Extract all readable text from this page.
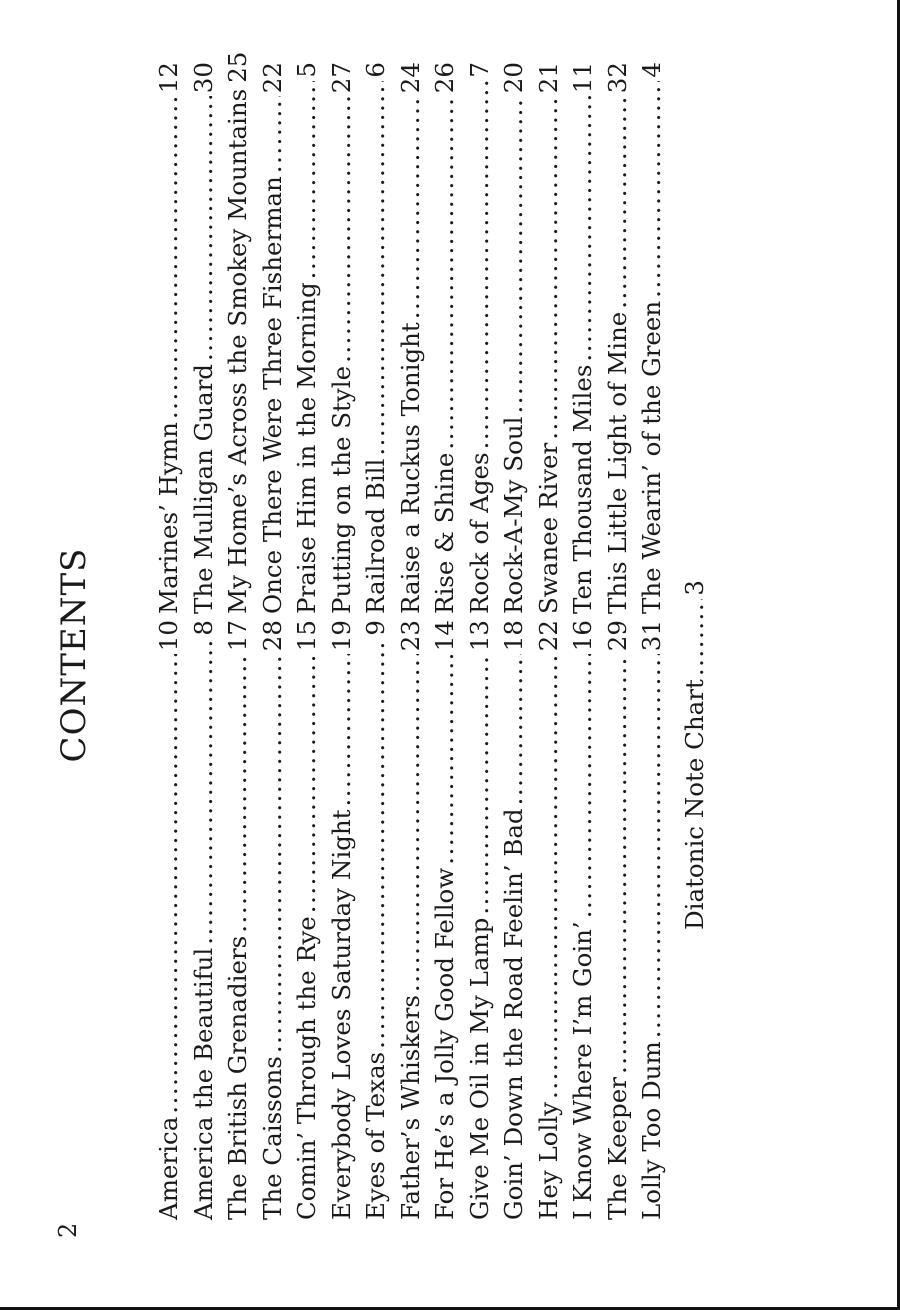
2
CONTENTS
America
.....
10
America the Beautiful
.....
8
The British Grenadiers
.....
17
The Caissons
.....
28
Comin’ Through the Rye
.....
15
Everybody Loves Saturday Night
.....
19
Eyes of Texas
.....
9
Father’s Whiskers
.....
23
For He’s a Jolly Good Fellow
.....
14
Give Me Oil in My Lamp
.....
13
Goin’ Down the Road Feelin’ Bad
.....
18
Hey Lolly
.....
22
I Know Where I’m Goin’
.....
16
The Keeper
.....
29
Lolly Too Dum
.....
31
Marines’ Hymn
.....
12
The Mulligan Guard
.....
30
My Home’s Across the Smokey Mountains
25
Once There Were Three Fisherman
.....
22
Praise Him in the Morning
.....
5
Putting on the Style
.....
27
Railroad Bill
.....
6
Raise a Ruckus Tonight
.....
24
Rise & Shine
.....
26
Rock of Ages
.....
7
Rock-A-My Soul
.....
20
Swanee River
.....
21
Ten Thousand Miles
.....
11
This Little Light of Mine
.....
32
The Wearin’ of the Green
.....
4
Diatonic Note Chart
.....
3
